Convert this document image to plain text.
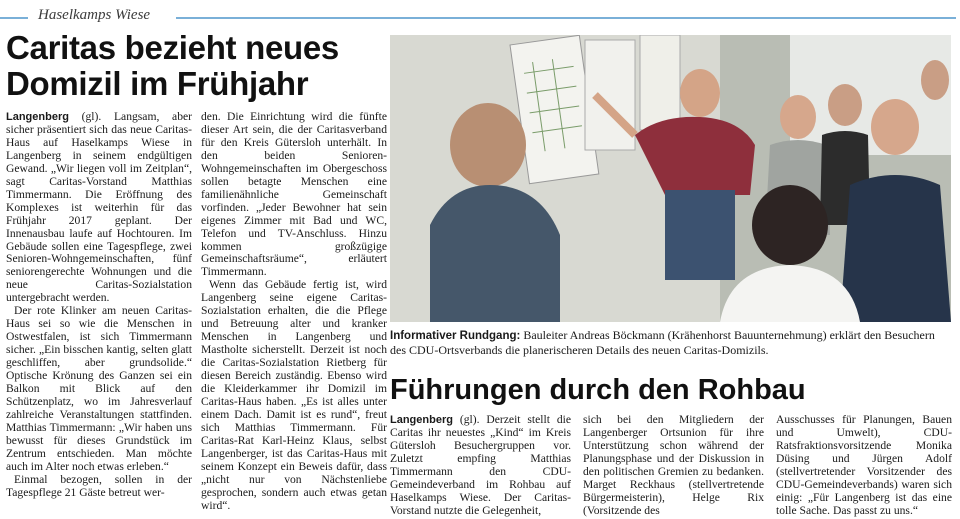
Haselkamps Wiese
Caritas bezieht neues Domizil im Frühjahr

Langenberg (gl). Langsam, aber sicher präsentiert sich das neue Caritas-Haus auf Haselkamps Wiese in Langenberg in seinem endgültigen Gewand. „Wir liegen voll im Zeitplan“, sagt Caritas-Vorstand Matthias Timmermann. Die Eröffnung des Komplexes ist weiterhin für das Frühjahr 2017 geplant. Der Innenausbau laufe auf Hochtouren. Im Gebäude sollen eine Tagespflege, zwei Senioren-Wohngemeinschaften, fünf seniorengerechte Wohnungen und die neue Caritas-Sozialstation untergebracht werden.

Der rote Klinker am neuen Caritas-Haus sei so wie die Menschen in Ostwestfalen, ist sich Timmermann sicher. „Ein bisschen kantig, selten glatt geschliffen, aber grundsolide.“ Optische Krönung des Ganzen sei ein Balkon mit Blick auf den Schützenplatz, wo im Jahresverlauf zahlreiche Veranstaltungen stattfinden. Matthias Timmermann: „Wir haben uns bewusst für dieses Grundstück im Zentrum entschieden. Man möchte auch im Alter noch etwas erleben.“

Einmal bezogen, sollen in der Tagespflege 21 Gäste betreut wer-

den. Die Einrichtung wird die fünfte dieser Art sein, die der Caritasverband für den Kreis Gütersloh unterhält. In den beiden Senioren-Wohngemeinschaften im Obergeschoss sollen betagte Menschen eine familienähnliche Gemeinschaft vorfinden. „Jeder Bewohner hat sein eigenes Zimmer mit Bad und WC, Telefon und TV-Anschluss. Hinzu kommen großzügige Gemeinschaftsräume“, erläutert Timmermann.

Wenn das Gebäude fertig ist, wird Langenberg seine eigene Caritas-Sozialstation erhalten, die die Pflege und Betreuung alter und kranker Menschen in Langenberg und Mastholte sicherstellt. Derzeit ist noch die Caritas-Sozialstation Rietberg für diesen Bereich zuständig. Ebenso wird die Kleiderkammer ihr Domizil im Caritas-Haus haben. „Es ist alles unter einem Dach. Damit ist es rund“, freut sich Matthias Timmermann. Für Caritas-Rat Karl-Heinz Klaus, selbst Langenberger, ist das Caritas-Haus mit seinem Konzept ein Beweis dafür, dass „nicht nur von Nächstenliebe gesprochen, sondern auch etwas getan wird“.

Informativer Rundgang: Bauleiter Andreas Böckmann (Krähenhorst Bauunternehmung) erklärt den Besuchern des CDU-Ortsverbands die planerischeren Details des neuen Caritas-Domizils.
Führungen durch den Rohbau

Langenberg (gl). Derzeit stellt die Caritas ihr neuestes „Kind“ im Kreis Gütersloh Besuchergruppen vor. Zuletzt empfing Matthias Timmermann den CDU-Gemeindeverband im Rohbau auf Haselkamps Wiese. Der Caritas-Vorstand nutzte die Gelegenheit,

sich bei den Mitgliedern der Langenberger Ortsunion für ihre Unterstützung schon während der Planungsphase und der Diskussion in den politischen Gremien zu bedanken. Marget Reckhaus (stellvertretende Bürgermeisterin), Helge Rix (Vorsitzende des

Ausschusses für Planungen, Bauen und Umwelt), CDU-Ratsfraktionsvorsitzende Monika Düsing und Jürgen Adolf (stellvertretender Vorsitzender des CDU-Gemeindeverbands) waren sich einig: „Für Langenberg ist das eine tolle Sache. Das passt zu uns.“
